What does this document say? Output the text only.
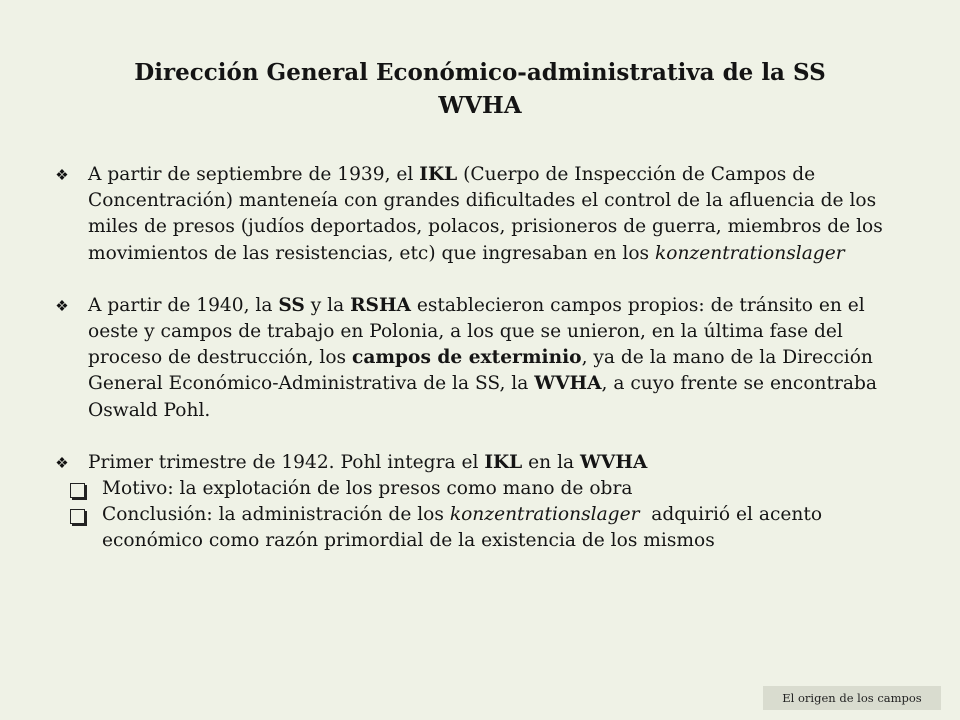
Dirección General Económico-administrativa de la SS
WVHA
❖ A partir de septiembre de 1939, el IKL (Cuerpo de Inspección de Campos de Concentración) manteneía con grandes dificultades el control de la afluencia de los miles de presos (judíos deportados, polacos, prisioneros de guerra, miembros de los movimientos de las resistencias, etc) que ingresaban en los konzentrationslager
❖ A partir de 1940, la SS y la RSHA establecieron campos propios: de tránsito en el oeste y campos de trabajo en Polonia, a los que se unieron, en la última fase del proceso de destrucción, los campos de exterminio, ya de la mano de la Dirección General Económico-Administrativa de la SS, la WVHA, a cuyo frente se encontraba Oswald Pohl.
❖ Primer trimestre de 1942. Pohl integra el IKL en la WVHA
Motivo: la explotación de los presos como mano de obra
Conclusión: la administración de los konzentrationslager  adquirió el acento económico como razón primordial de la existencia de los mismos
El origen de los campos
